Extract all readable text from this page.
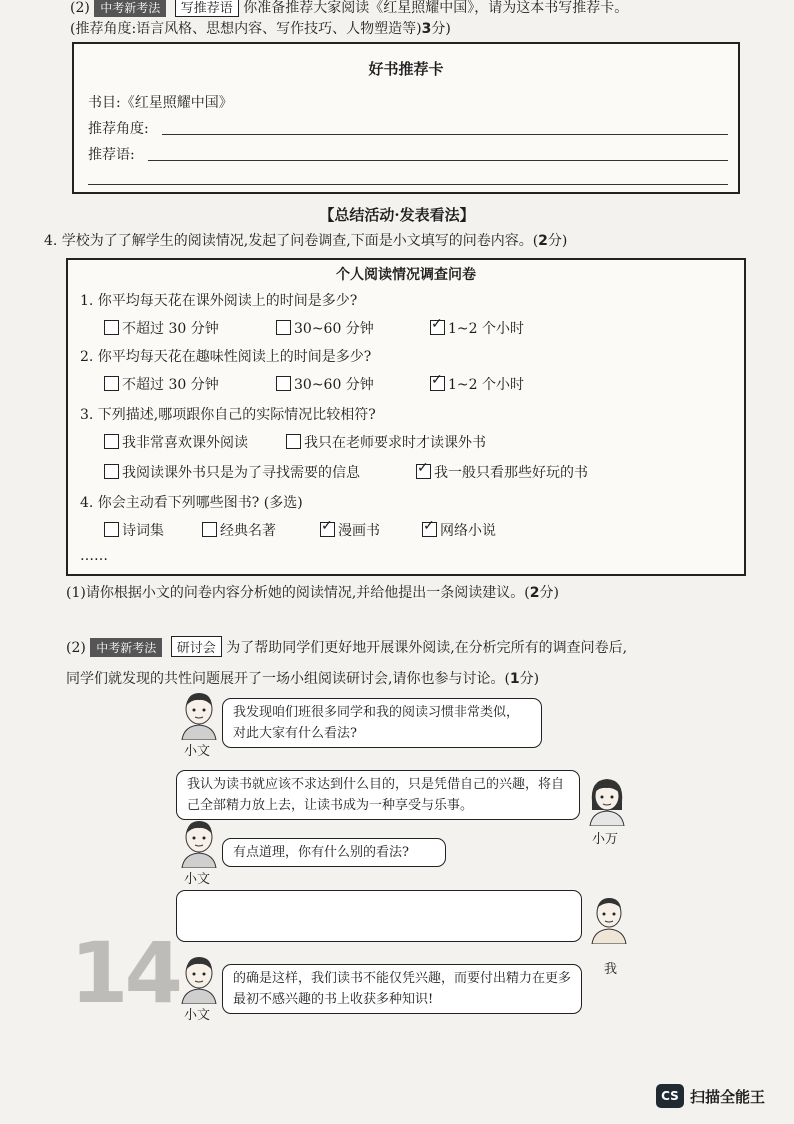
(2) 中考新考法 写推荐语 你准备推荐大家阅读《红星照耀中国》，请为这本书写推荐卡。
(推荐角度:语言风格、思想内容、写作技巧、人物塑造等)3分)
好书推荐卡
书目:《红星照耀中国》
推荐角度:
推荐语:
【总结活动·发表看法】
4. 学校为了了解学生的阅读情况,发起了问卷调查,下面是小文填写的问卷内容。(2分)
个人阅读情况调查问卷
1. 你平均每天花在课外阅读上的时间是多少?
不超过 30 分钟	30~60 分钟	✓ 1~2 个小时
2. 你平均每天花在趣味性阅读上的时间是多少?
不超过 30 分钟	30~60 分钟	✓ 1~2 个小时
3. 下列描述,哪项跟你自己的实际情况比较相符?
我非常喜欢课外阅读	我只在老师要求时才读课外书
我阅读课外书只是为了寻找需要的信息	✓ 我一般只看那些好玩的书
4. 你会主动看下列哪些图书? (多选)
诗词集	经典名著	✓ 漫画书	✓ 网络小说
……
(1)请你根据小文的问卷内容分析她的阅读情况,并给他提出一条阅读建议。(2分)
(2) 中考新考法 研讨会 为了帮助同学们更好地开展课外阅读,在分析完所有的调查问卷后,
同学们就发现的共性问题展开了一场小组阅读研讨会,请你也参与讨论。(1分)
小文
我发现咱们班很多同学和我的阅读习惯非常类似，对此大家有什么看法?
我认为读书就应该不求达到什么目的，只是凭借自己的兴趣，将自己全部精力放上去，让读书成为一种享受与乐事。
小万
小文
有点道理，你有什么别的看法?
我
14 小文
的确是这样，我们读书不能仅凭兴趣，而要付出精力在更多最初不感兴趣的书上收获多种知识!
CS 扫描全能王
